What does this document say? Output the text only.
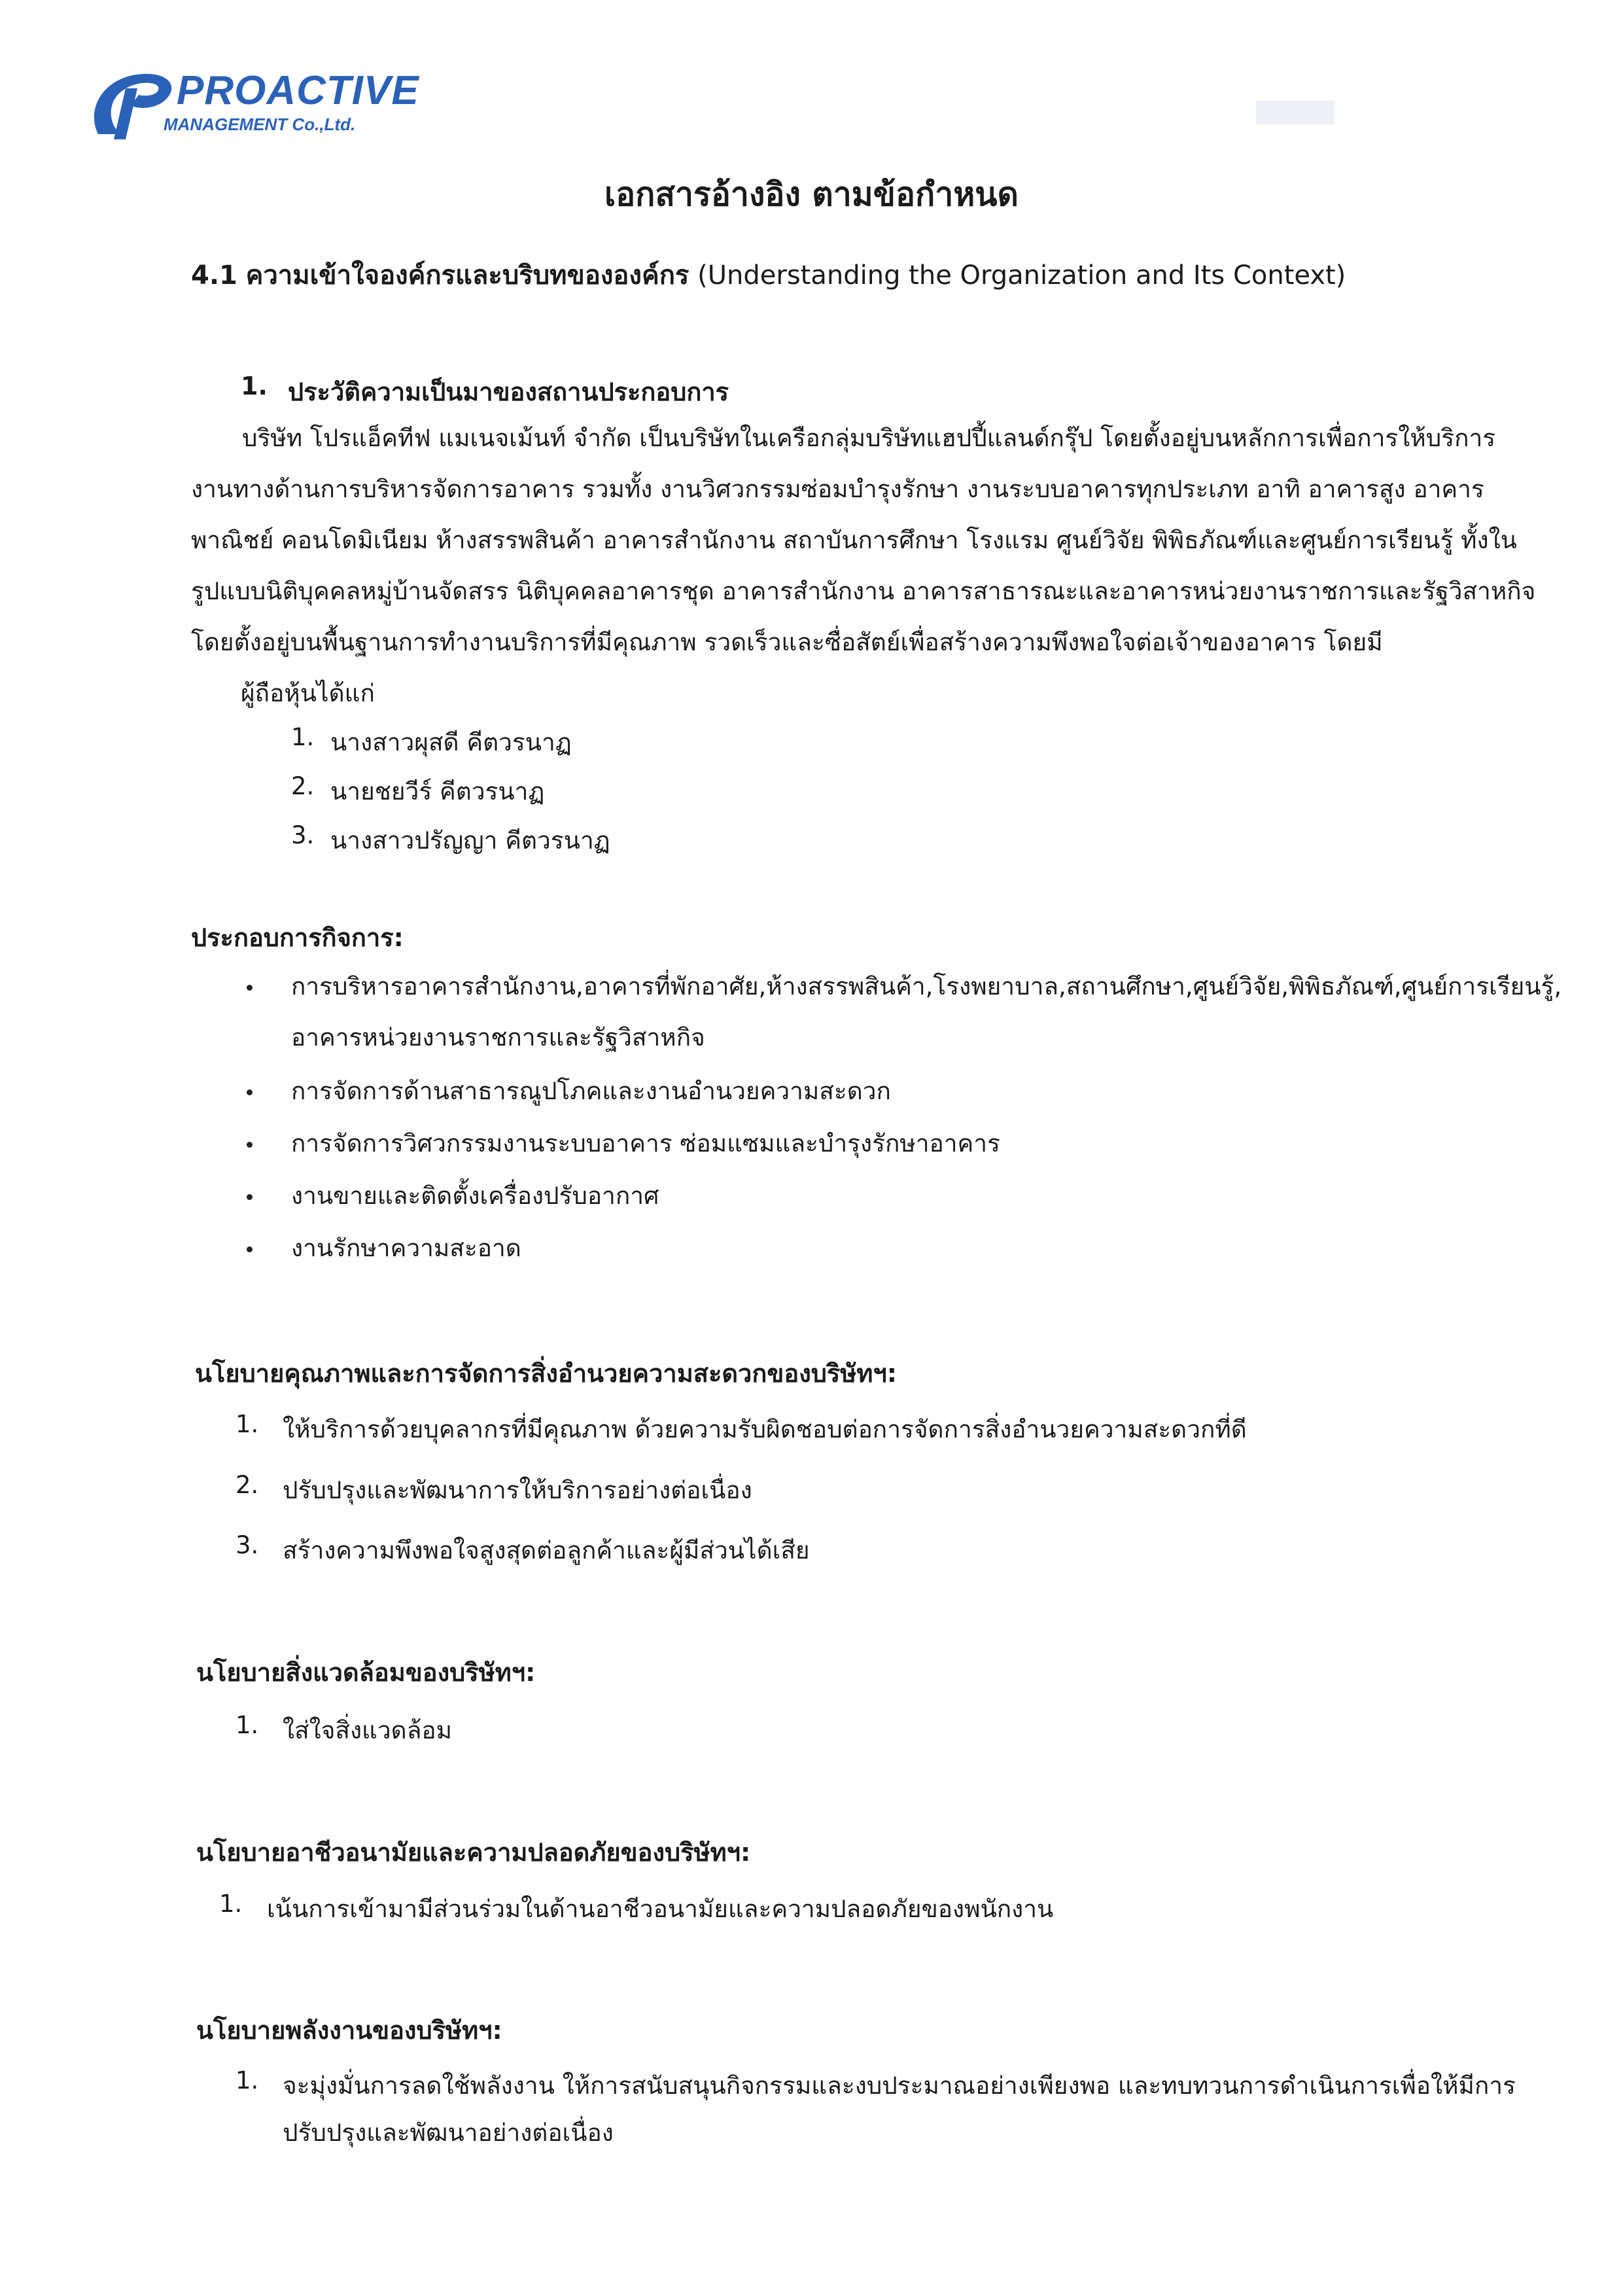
▬
PROACTIVE
MANAGEMENT Co.,Ltd.
เอกสารอ้างอิง ตามข้อกำหนด
4.1 ความเข้าใจองค์กรและบริบทขององค์กร (Understanding the Organization and Its Context)
1. ประวัติความเป็นมาของสถานประกอบการ
บริษัท โปรแอ็คทีฟ แมเนจเม้นท์ จำกัด เป็นบริษัทในเครือกลุ่มบริษัทแฮปปี้แลนด์กรุ๊ป โดยตั้งอยู่บนหลักการเพื่อการให้บริการ
งานทางด้านการบริหารจัดการอาคาร รวมทั้ง งานวิศวกรรมซ่อมบำรุงรักษา งานระบบอาคารทุกประเภท อาทิ อาคารสูง อาคาร
พาณิชย์ คอนโดมิเนียม ห้างสรรพสินค้า อาคารสำนักงาน สถาบันการศึกษา โรงแรม ศูนย์วิจัย พิพิธภัณฑ์และศูนย์การเรียนรู้ ทั้งใน
รูปแบบนิติบุคคลหมู่บ้านจัดสรร นิติบุคคลอาคารชุด อาคารสำนักงาน อาคารสาธารณะและอาคารหน่วยงานราชการและรัฐวิสาหกิจ
โดยตั้งอยู่บนพื้นฐานการทำงานบริการที่มีคุณภาพ รวดเร็วและซื่อสัตย์เพื่อสร้างความพึงพอใจต่อเจ้าของอาคาร โดยมี
ผู้ถือหุ้นได้แก่
1. นางสาวผุสดี คีตวรนาฏ
2. นายชยวีร์ คีตวรนาฏ
3. นางสาวปรัญญา คีตวรนาฏ
ประกอบการกิจการ:
การบริหารอาคารสำนักงาน,อาคารที่พักอาศัย,ห้างสรรพสินค้า,โรงพยาบาล,สถานศึกษา,ศูนย์วิจัย,พิพิธภัณฑ์,ศูนย์การเรียนรู้,
อาคารหน่วยงานราชการและรัฐวิสาหกิจ
การจัดการด้านสาธารณูปโภคและงานอำนวยความสะดวก
การจัดการวิศวกรรมงานระบบอาคาร ซ่อมแซมและบำรุงรักษาอาคาร
งานขายและติดตั้งเครื่องปรับอากาศ
งานรักษาความสะอาด
นโยบายคุณภาพและการจัดการสิ่งอำนวยความสะดวกของบริษัทฯ:
1. ให้บริการด้วยบุคลากรที่มีคุณภาพ ด้วยความรับผิดชอบต่อการจัดการสิ่งอำนวยความสะดวกที่ดี
2. ปรับปรุงและพัฒนาการให้บริการอย่างต่อเนื่อง
3. สร้างความพึงพอใจสูงสุดต่อลูกค้าและผู้มีส่วนได้เสีย
นโยบายสิ่งแวดล้อมของบริษัทฯ:
1. ใส่ใจสิ่งแวดล้อม
นโยบายอาชีวอนามัยและความปลอดภัยของบริษัทฯ:
1. เน้นการเข้ามามีส่วนร่วมในด้านอาชีวอนามัยและความปลอดภัยของพนักงาน
นโยบายพลังงานของบริษัทฯ:
1. จะมุ่งมั่นการลดใช้พลังงาน ให้การสนับสนุนกิจกรรมและงบประมาณอย่างเพียงพอ และทบทวนการดำเนินการเพื่อให้มีการ
ปรับปรุงและพัฒนาอย่างต่อเนื่อง
